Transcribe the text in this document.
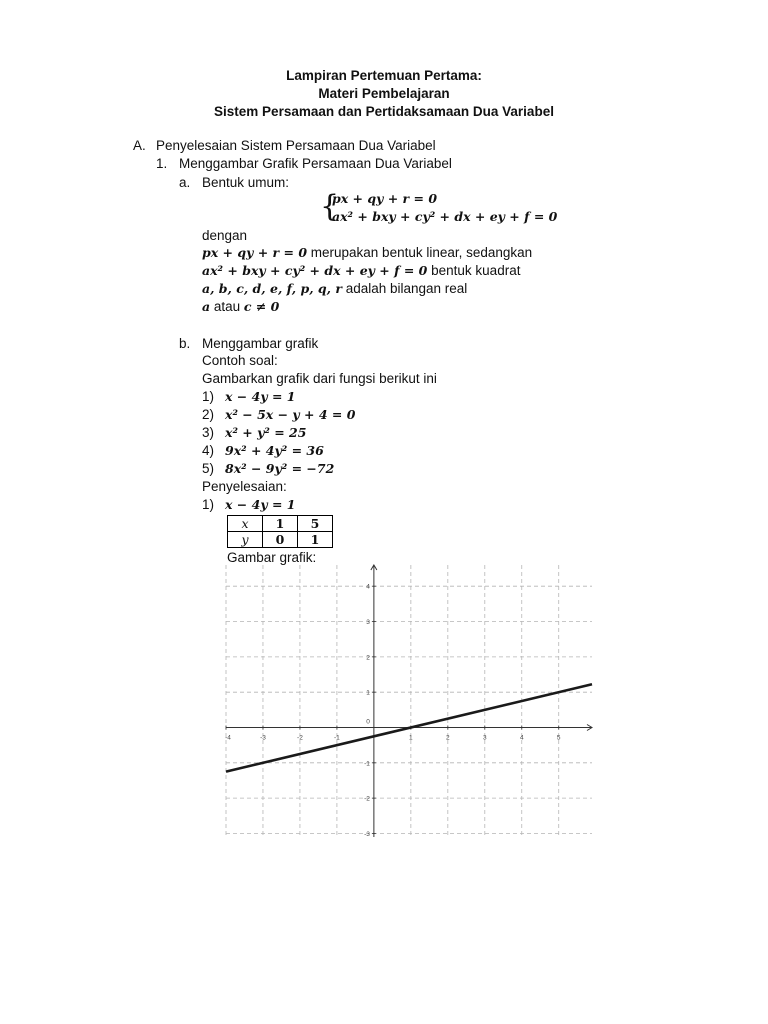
Lampiran Pertemuan Pertama:
Materi Pembelajaran
Sistem Persamaan dan Pertidaksamaan Dua Variabel
A. Penyelesaian Sistem Persamaan Dua Variabel
1. Menggambar Grafik Persamaan Dua Variabel
a. Bentuk umum:
{
px + qy + r = 0
ax² + bxy + cy² + dx + ey + f = 0
dengan
px + qy + r = 0 merupakan bentuk linear, sedangkan
ax² + bxy + cy² + dx + ey + f = 0 bentuk kuadrat
a, b, c, d, e, f, p, q, r adalah bilangan real
a atau c ≠ 0
b. Menggambar grafik
Contoh soal:
Gambarkan grafik dari fungsi berikut ini
1) x − 4y = 1
2) x² − 5x − y + 4 = 0
3) x² + y² = 25
4) 9x² + 4y² = 36
5) 8x² − 9y² = −72
Penyelesaian:
1) x − 4y = 1
x	1	5
y	0	1
Gambar grafik:
-4	-3	-2	-1	1	2	3	4	5
-3
-2
-1
1
2
3
4
0
